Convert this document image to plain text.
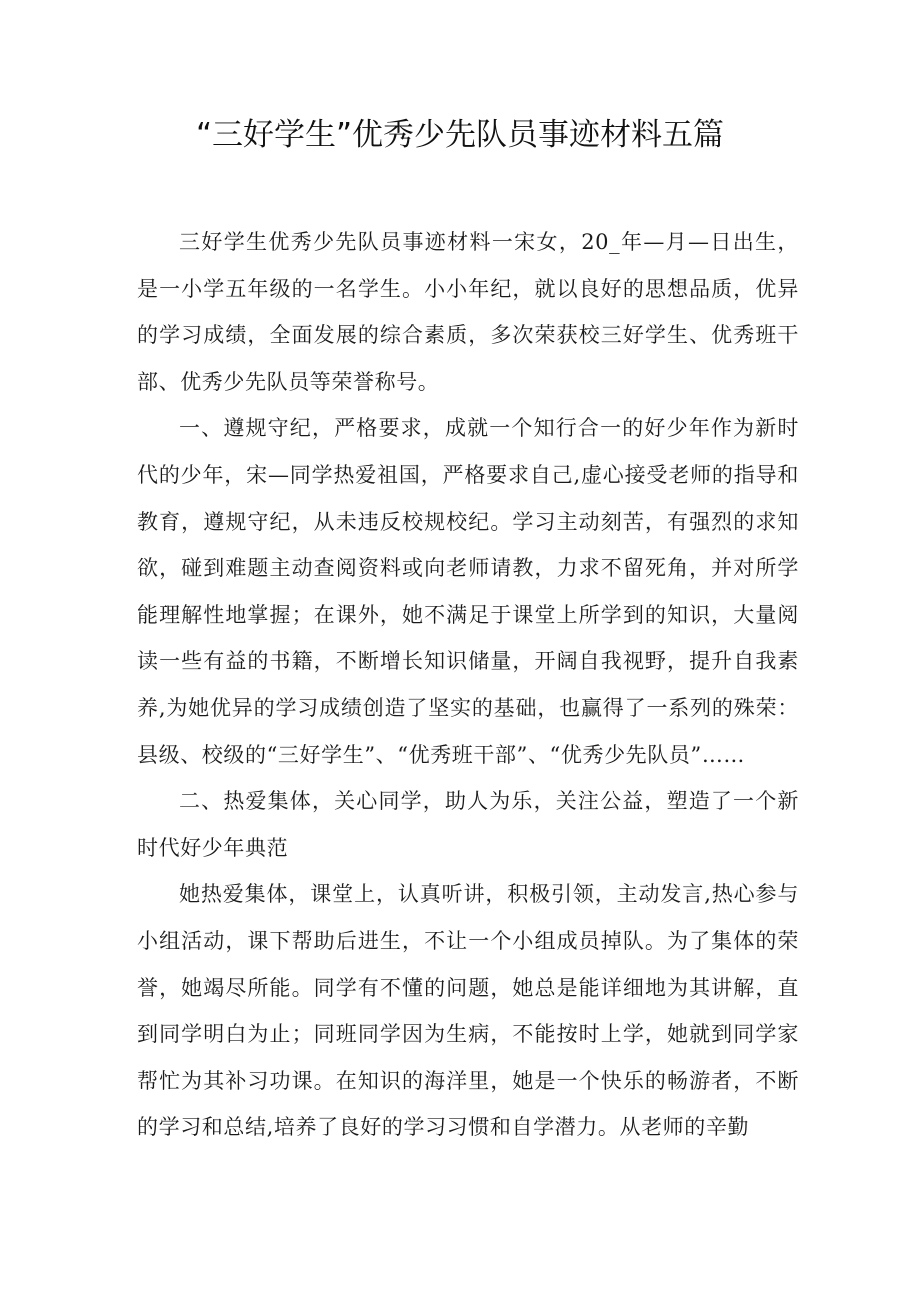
“三好学生”优秀少先队员事迹材料五篇

三好学生优秀少先队员事迹材料一宋女，20_年—月—日出生，是一小学五年级的一名学生。小小年纪，就以良好的思想品质，优异的学习成绩，全面发展的综合素质，多次荣获校三好学生、优秀班干部、优秀少先队员等荣誉称号。

一、遵规守纪，严格要求，成就一个知行合一的好少年作为新时代的少年，宋—同学热爱祖国，严格要求自己,虚心接受老师的指导和教育，遵规守纪，从未违反校规校纪。学习主动刻苦，有强烈的求知欲，碰到难题主动查阅资料或向老师请教，力求不留死角，并对所学能理解性地掌握；在课外，她不满足于课堂上所学到的知识，大量阅读一些有益的书籍，不断增长知识储量，开阔自我视野，提升自我素养,为她优异的学习成绩创造了坚实的基础，也赢得了一系列的殊荣：县级、校级的“三好学生”、“优秀班干部”、“优秀少先队员”……

二、热爱集体，关心同学，助人为乐，关注公益，塑造了一个新时代好少年典范

她热爱集体，课堂上，认真听讲，积极引领，主动发言,热心参与小组活动，课下帮助后进生，不让一个小组成员掉队。为了集体的荣誉，她竭尽所能。同学有不懂的问题，她总是能详细地为其讲解，直到同学明白为止；同班同学因为生病，不能按时上学，她就到同学家帮忙为其补习功课。在知识的海洋里，她是一个快乐的畅游者，不断的学习和总结,培养了良好的学习习惯和自学潜力。从老师的辛勤
